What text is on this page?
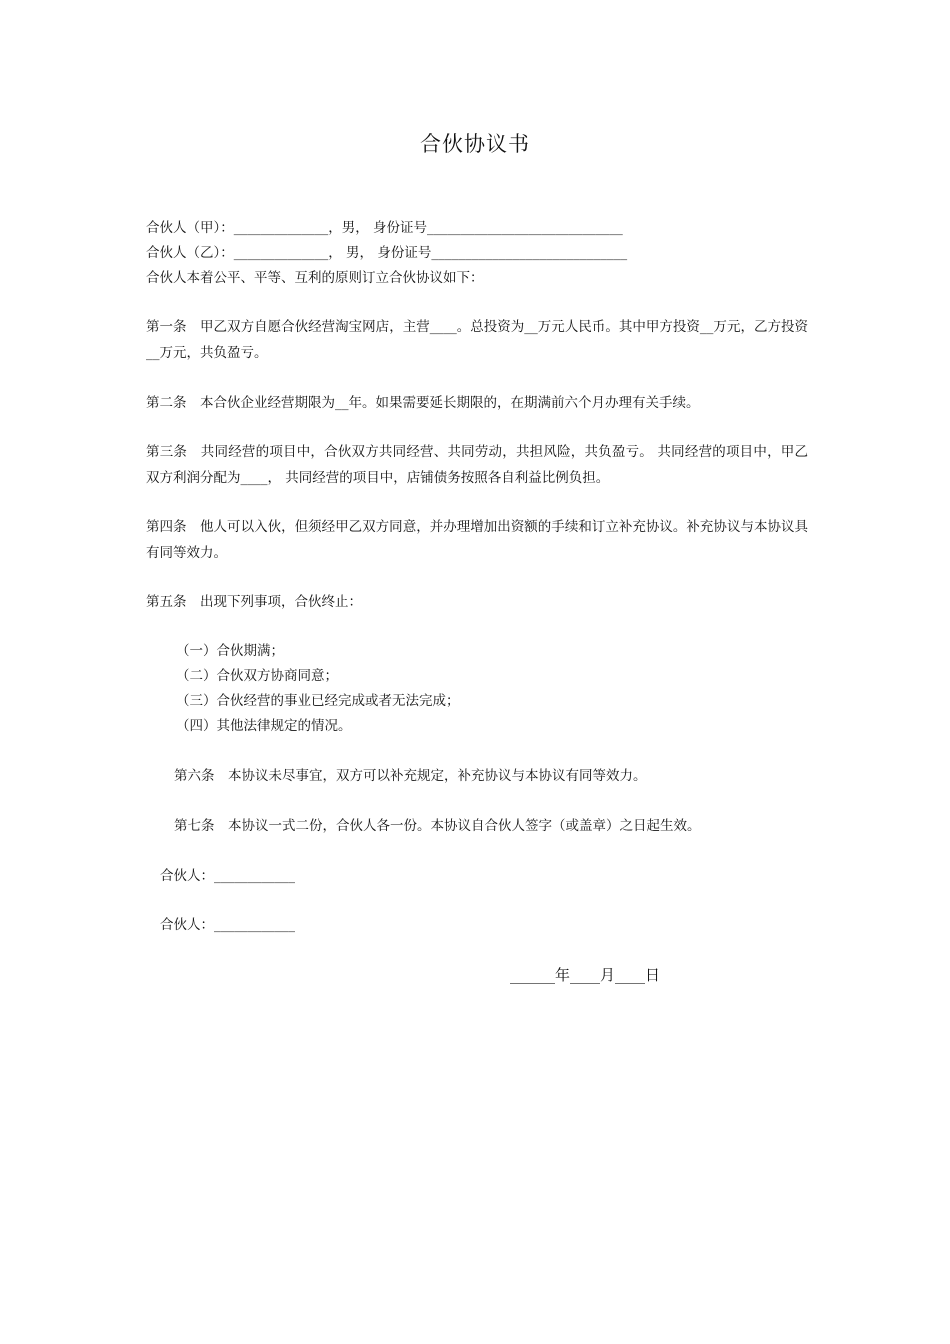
合伙协议书
合伙人（甲）：______________，男， 身份证号_____________________________
合伙人（乙）：______________， 男， 身份证号_____________________________
合伙人本着公平、平等、互利的原则订立合伙协议如下：
第一条　甲乙双方自愿合伙经营淘宝网店，主营____。总投资为__万元人民币。其中甲方投资__万元，乙方投资__万元，共负盈亏。
第二条　本合伙企业经营期限为__年。如果需要延长期限的，在期满前六个月办理有关手续。
第三条　共同经营的项目中，合伙双方共同经营、共同劳动，共担风险，共负盈亏。 共同经营的项目中，甲乙双方利润分配为____， 共同经营的项目中，店铺债务按照各自利益比例负担。
第四条　他人可以入伙，但须经甲乙双方同意，并办理增加出资额的手续和订立补充协议。补充协议与本协议具有同等效力。
第五条　出现下列事项，合伙终止：
（一）合伙期满；
（二）合伙双方协商同意；
（三）合伙经营的事业已经完成或者无法完成；
（四）其他法律规定的情况。
第六条　本协议未尽事宜，双方可以补充规定，补充协议与本协议有同等效力。
第七条　本协议一式二份，合伙人各一份。本协议自合伙人签字（或盖章）之日起生效。
合伙人：____________
合伙人：____________
______年____月____日
